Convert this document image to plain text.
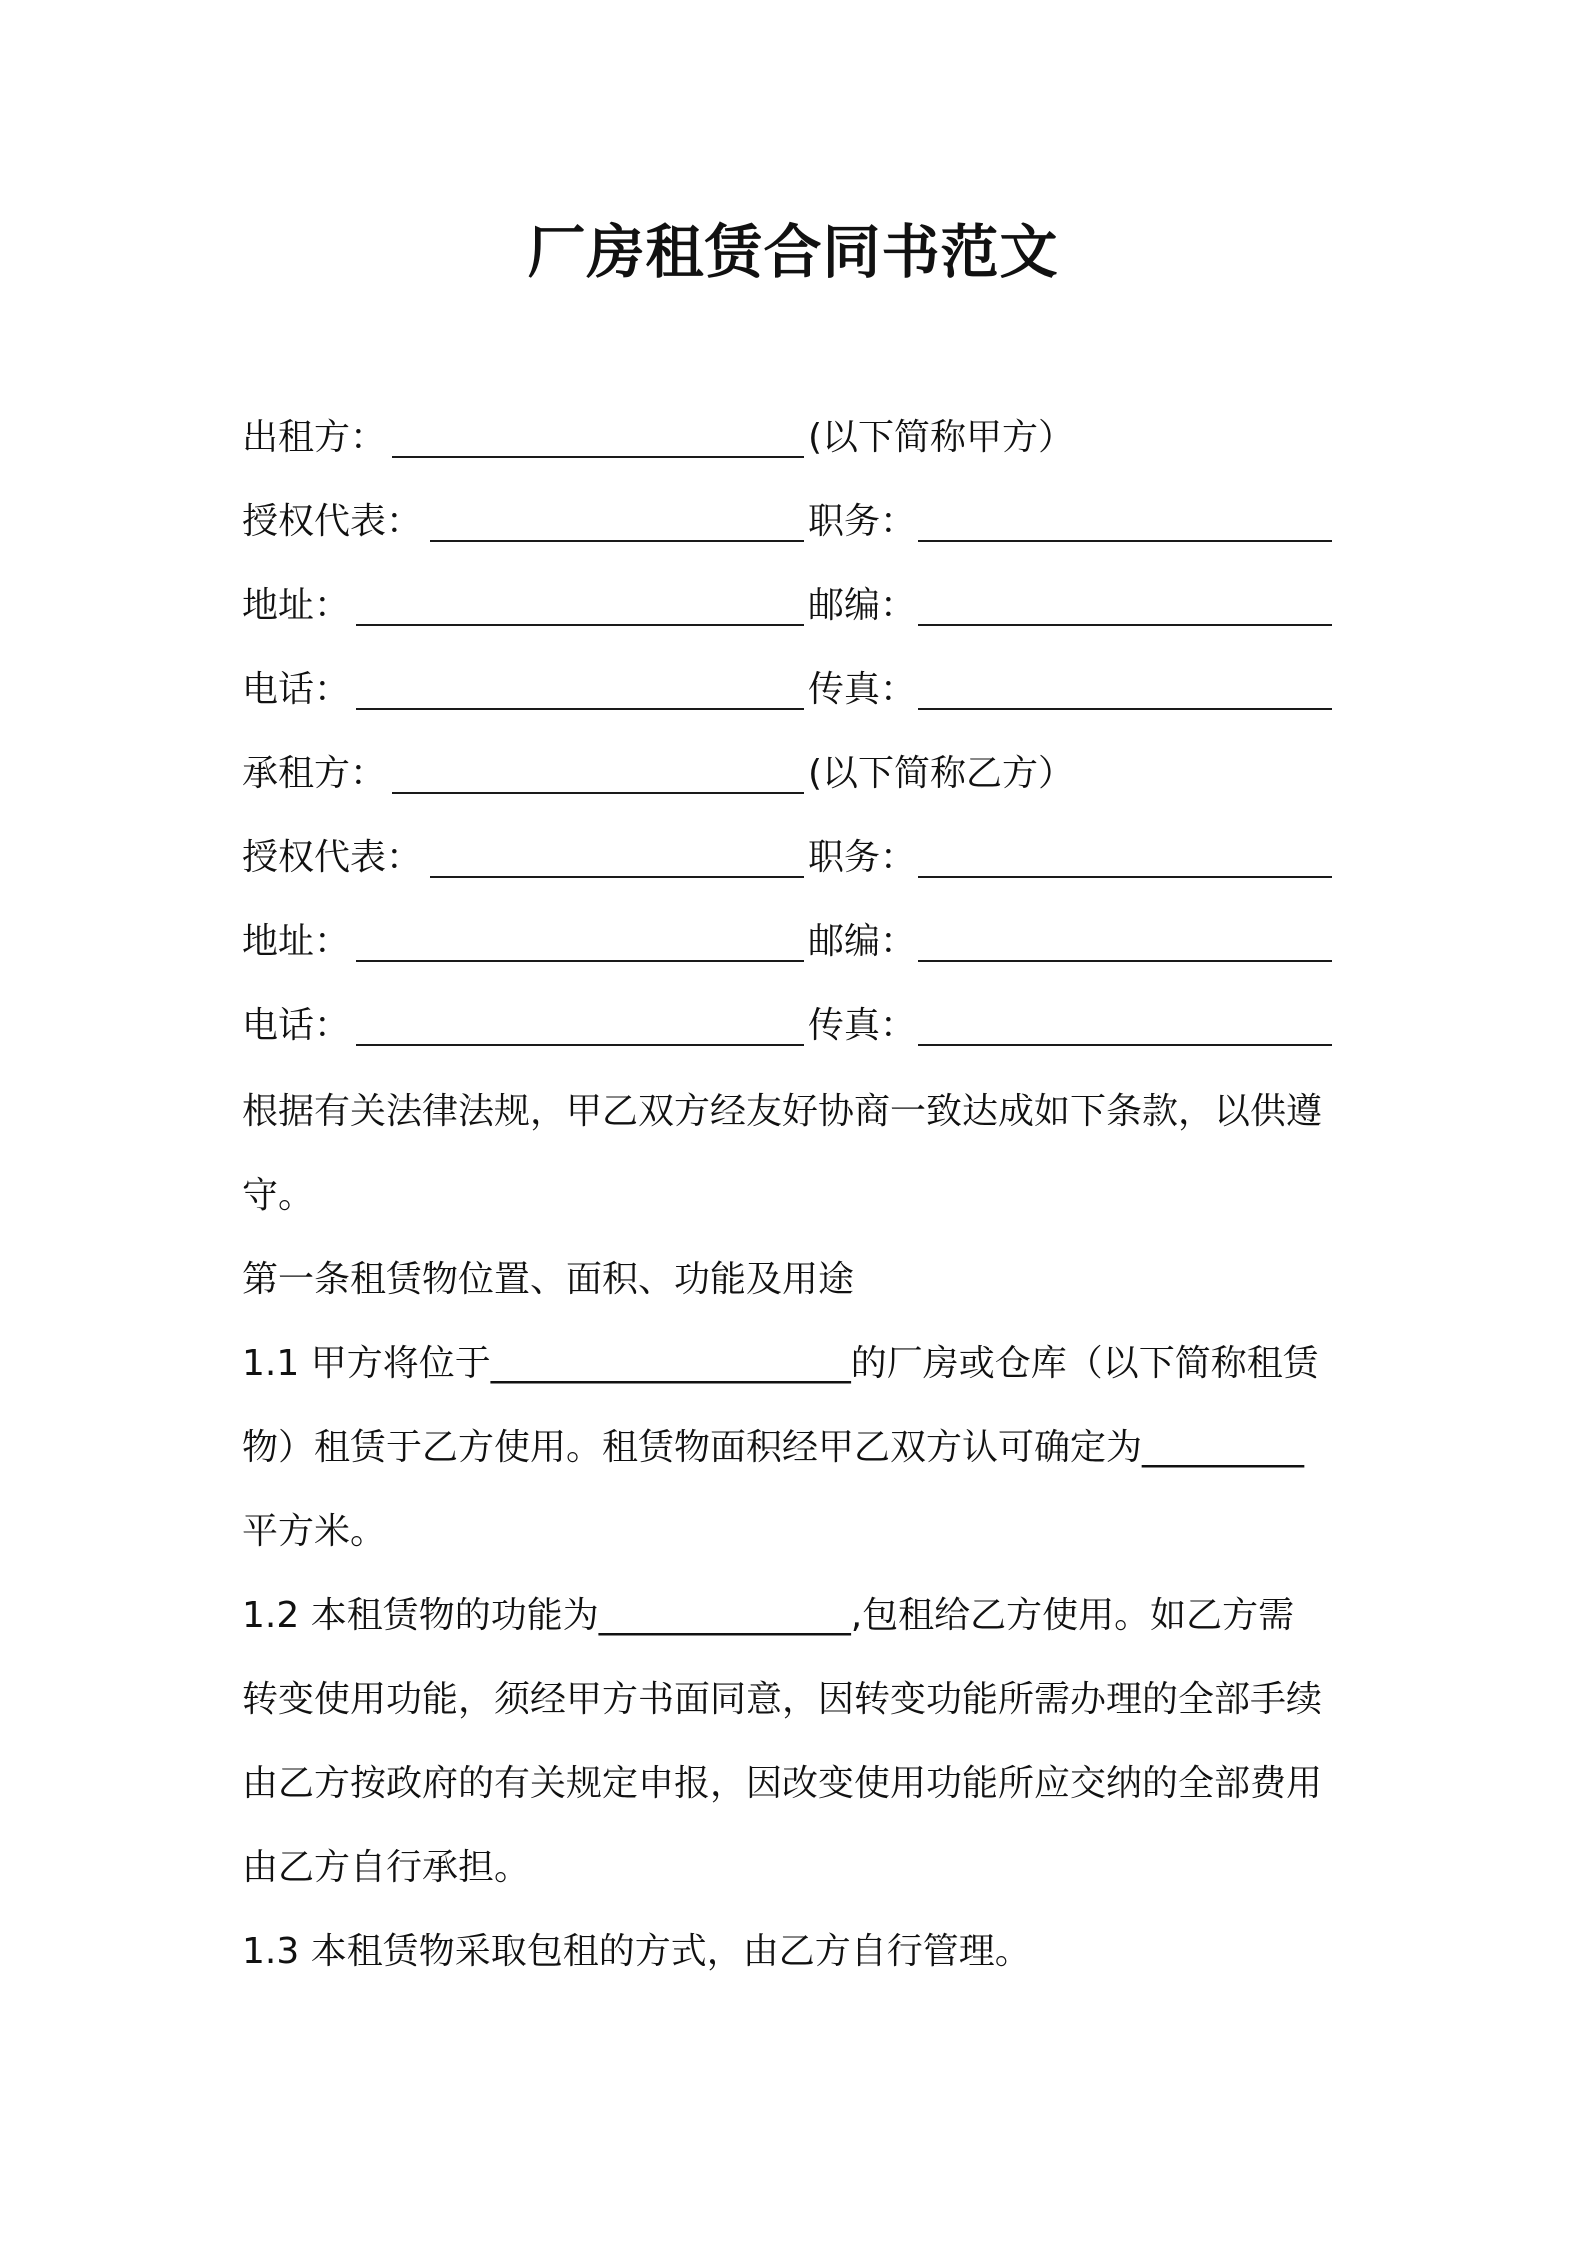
厂房租赁合同书范文
出租方：	(以下简称甲方）
授权代表：	职务：
地址：	邮编：
电话：	传真：
承租方：	(以下简称乙方）
授权代表：	职务：
地址：	邮编：
电话：	传真：
根据有关法律法规，甲乙双方经友好协商一致达成如下条款，以供遵
守。
第一条租赁物位置、面积、功能及用途
1.1 甲方将位于____________________的厂房或仓库（以下简称租赁
物）租赁于乙方使用。租赁物面积经甲乙双方认可确定为_________
平方米。
1.2 本租赁物的功能为______________,包租给乙方使用。如乙方需
转变使用功能，须经甲方书面同意，因转变功能所需办理的全部手续
由乙方按政府的有关规定申报，因改变使用功能所应交纳的全部费用
由乙方自行承担。
1.3 本租赁物采取包租的方式，由乙方自行管理。
